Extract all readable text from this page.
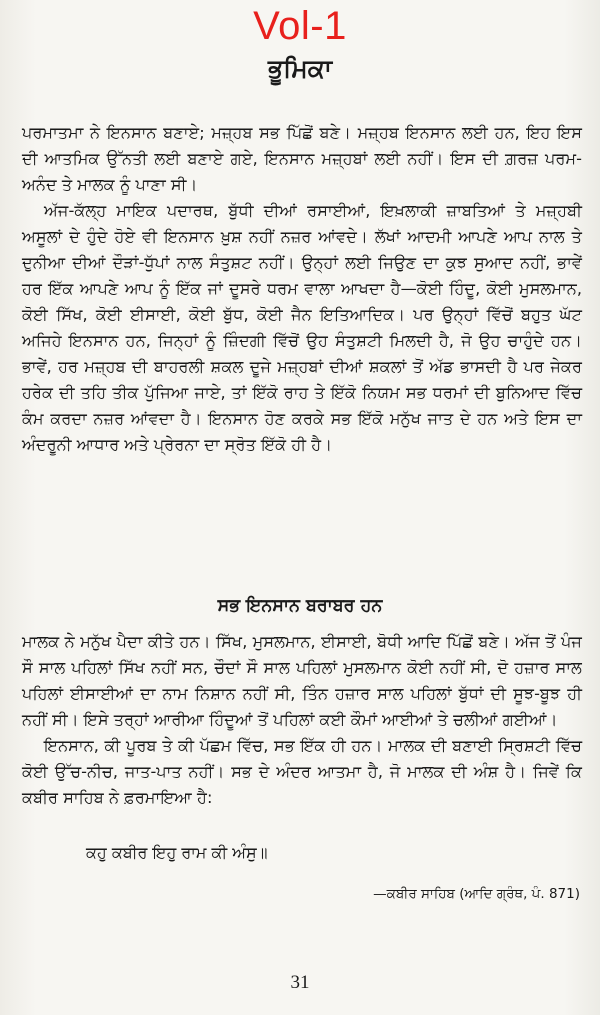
Vol-1
ਭੂਮਿਕਾ

ਪਰਮਾਤਮਾ ਨੇ ਇਨਸਾਨ ਬਣਾਏ; ਮਜ਼੍ਹਬ ਸਭ ਪਿੱਛੋਂ ਬਣੇ। ਮਜ਼੍ਹਬ ਇਨਸਾਨ ਲਈ ਹਨ, ਇਹ ਇਸ ਦੀ ਆਤਮਿਕ ਉੱਨਤੀ ਲਈ ਬਣਾਏ ਗਏ, ਇਨਸਾਨ ਮਜ਼੍ਹਬਾਂ ਲਈ ਨਹੀਂ। ਇਸ ਦੀ ਗ਼ਰਜ਼ ਪਰਮ-ਅਨੰਦ ਤੇ ਮਾਲਕ ਨੂੰ ਪਾਣਾ ਸੀ।

ਅੱਜ-ਕੱਲ੍ਹ ਮਾਇਕ ਪਦਾਰਥ, ਬੁੱਧੀ ਦੀਆਂ ਰਸਾਈਆਂ, ਇਖ਼ਲਾਕੀ ਜ਼ਾਬਤਿਆਂ ਤੇ ਮਜ਼੍ਹਬੀ ਅਸੂਲਾਂ ਦੇ ਹੁੰਦੇ ਹੋਏ ਵੀ ਇਨਸਾਨ ਖ਼ੁਸ਼ ਨਹੀਂ ਨਜ਼ਰ ਆਂਵਦੇ। ਲੱਖਾਂ ਆਦਮੀ ਆਪਣੇ ਆਪ ਨਾਲ ਤੇ ਦੁਨੀਆ ਦੀਆਂ ਦੌੜਾਂ-ਧੁੱਪਾਂ ਨਾਲ ਸੰਤੁਸ਼ਟ ਨਹੀਂ। ਉਨ੍ਹਾਂ ਲਈ ਜਿਉਣ ਦਾ ਕੁਝ ਸੁਆਦ ਨਹੀਂ, ਭਾਵੇਂ ਹਰ ਇੱਕ ਆਪਣੇ ਆਪ ਨੂੰ ਇੱਕ ਜਾਂ ਦੂਸਰੇ ਧਰਮ ਵਾਲਾ ਆਖਦਾ ਹੈ—ਕੋਈ ਹਿੰਦੂ, ਕੋਈ ਮੁਸਲਮਾਨ, ਕੋਈ ਸਿੱਖ, ਕੋਈ ਈਸਾਈ, ਕੋਈ ਬੁੱਧ, ਕੋਈ ਜੈਨ ਇਤਿਆਦਿਕ। ਪਰ ਉਨ੍ਹਾਂ ਵਿੱਚੋਂ ਬਹੁਤ ਘੱਟ ਅਜਿਹੇ ਇਨਸਾਨ ਹਨ, ਜਿਨ੍ਹਾਂ ਨੂੰ ਜ਼ਿੰਦਗੀ ਵਿੱਚੋਂ ਉਹ ਸੰਤੁਸ਼ਟੀ ਮਿਲਦੀ ਹੈ, ਜੋ ਉਹ ਚਾਹੁੰਦੇ ਹਨ। ਭਾਵੇਂ, ਹਰ ਮਜ਼੍ਹਬ ਦੀ ਬਾਹਰਲੀ ਸ਼ਕਲ ਦੂਜੇ ਮਜ਼੍ਹਬਾਂ ਦੀਆਂ ਸ਼ਕਲਾਂ ਤੋਂ ਅੱਡ ਭਾਸਦੀ ਹੈ ਪਰ ਜੇਕਰ ਹਰੇਕ ਦੀ ਤਹਿ ਤੀਕ ਪੁੱਜਿਆ ਜਾਏ, ਤਾਂ ਇੱਕੋ ਰਾਹ ਤੇ ਇੱਕੋ ਨਿਯਮ ਸਭ ਧਰਮਾਂ ਦੀ ਬੁਨਿਆਦ ਵਿੱਚ ਕੰਮ ਕਰਦਾ ਨਜ਼ਰ ਆਂਵਦਾ ਹੈ। ਇਨਸਾਨ ਹੋਣ ਕਰਕੇ ਸਭ ਇੱਕੋ ਮਨੁੱਖ ਜਾਤ ਦੇ ਹਨ ਅਤੇ ਇਸ ਦਾ ਅੰਦਰੂਨੀ ਆਧਾਰ ਅਤੇ ਪ੍ਰੇਰਨਾ ਦਾ ਸ੍ਰੋਤ ਇੱਕੋ ਹੀ ਹੈ।

ਸਭ ਇਨਸਾਨ ਬਰਾਬਰ ਹਨ

ਮਾਲਕ ਨੇ ਮਨੁੱਖ ਪੈਦਾ ਕੀਤੇ ਹਨ। ਸਿੱਖ, ਮੁਸਲਮਾਨ, ਈਸਾਈ, ਬੋਧੀ ਆਦਿ ਪਿੱਛੋਂ ਬਣੇ। ਅੱਜ ਤੋਂ ਪੰਜ ਸੌ ਸਾਲ ਪਹਿਲਾਂ ਸਿੱਖ ਨਹੀਂ ਸਨ, ਚੌਦਾਂ ਸੌ ਸਾਲ ਪਹਿਲਾਂ ਮੁਸਲਮਾਨ ਕੋਈ ਨਹੀਂ ਸੀ, ਦੋ ਹਜ਼ਾਰ ਸਾਲ ਪਹਿਲਾਂ ਈਸਾਈਆਂ ਦਾ ਨਾਮ ਨਿਸ਼ਾਨ ਨਹੀਂ ਸੀ, ਤਿੰਨ ਹਜ਼ਾਰ ਸਾਲ ਪਹਿਲਾਂ ਬੁੱਧਾਂ ਦੀ ਸੂਝ-ਬੂਝ ਹੀ ਨਹੀਂ ਸੀ। ਇਸੇ ਤਰ੍ਹਾਂ ਆਰੀਆ ਹਿੰਦੂਆਂ ਤੋਂ ਪਹਿਲਾਂ ਕਈ ਕੌਮਾਂ ਆਈਆਂ ਤੇ ਚਲੀਆਂ ਗਈਆਂ।

ਇਨਸਾਨ, ਕੀ ਪੂਰਬ ਤੇ ਕੀ ਪੱਛਮ ਵਿੱਚ, ਸਭ ਇੱਕ ਹੀ ਹਨ। ਮਾਲਕ ਦੀ ਬਣਾਈ ਸ੍ਰਿਸ਼ਟੀ ਵਿੱਚ ਕੋਈ ਉੱਚ-ਨੀਚ, ਜਾਤ-ਪਾਤ ਨਹੀਂ। ਸਭ ਦੇ ਅੰਦਰ ਆਤਮਾ ਹੈ, ਜੋ ਮਾਲਕ ਦੀ ਅੰਸ਼ ਹੈ। ਜਿਵੇਂ ਕਿ ਕਬੀਰ ਸਾਹਿਬ ਨੇ ਫ਼ਰਮਾਇਆ ਹੈ:

ਕਹੁ ਕਬੀਰ ਇਹੁ ਰਾਮ ਕੀ ਅੰਸੁ॥
—ਕਬੀਰ ਸਾਹਿਬ (ਆਦਿ ਗ੍ਰੰਥ, ਪੰ. 871)
31
